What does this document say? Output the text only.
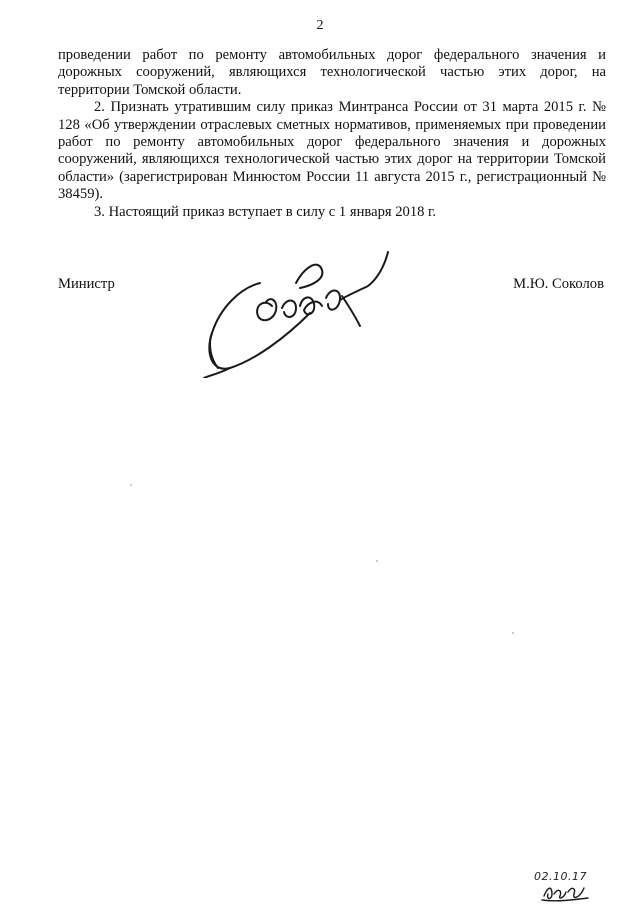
2

проведении работ по ремонту автомобильных дорог федерального значения и дорожных сооружений, являющихся технологической частью этих дорог, на территории Томской области.

2. Признать утратившим силу приказ Минтранса России от 31 марта 2015 г. № 128 «Об утверждении отраслевых сметных нормативов, применяемых при проведении работ по ремонту автомобильных дорог федерального значения и дорожных сооружений, являющихся технологической частью этих дорог на территории Томской области» (зарегистрирован Минюстом России 11 августа 2015 г., регистрационный № 38459).

3. Настоящий приказ вступает в силу с 1 января 2018 г.

Министр	М.Ю. Соколов
02.10.17
